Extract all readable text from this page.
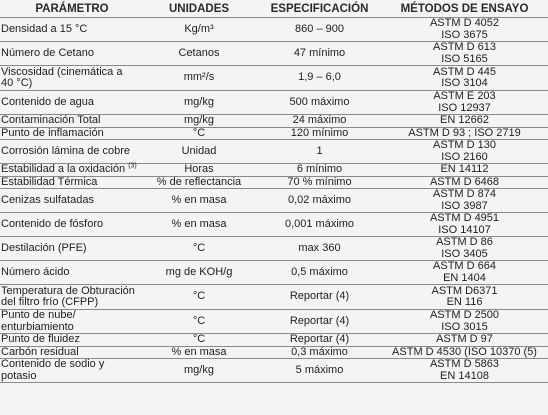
PARÁMETRO	UNIDADES	ESPECIFICACIÓN	MÉTODOS DE ENSAYO

Densidad a 15 °C	Kg/m³	860 – 900	ASTM D 4052
ISO 3675

Número de Cetano	Cetanos	47 mínimo	ASTM D 613
ISO 5165

Viscosidad (cinemática a
40 °C)	mm²/s	1,9 – 6,0	ASTM D 445
ISO 3104

Contenido de agua	mg/kg	500 máximo	ASTM E 203
ISO 12937

Contaminación Total	mg/kg	24 máximo	EN 12662

Punto de inflamación	°C	120 mínimo	ASTM D 93 ; ISO 2719

Corrosión lámina de cobre	Unidad	1	ASTM D 130
ISO 2160

Estabilidad a la oxidación $^{(3)}$	Horas	6 mínimo	EN 14112

Estabilidad Térmica	% de reflectancia	70 % mínimo	ASTM D 6468

Cenizas sulfatadas	% en masa	0,02 máximo	ASTM D 874
ISO 3987

Contenido de fósforo	% en masa	0,001 máximo	ASTM D 4951
ISO 14107

Destilación (PFE)	°C	max 360	ASTM D 86
ISO 3405

Número ácido	mg de KOH/g	0,5 máximo	ASTM D 664
EN 1404

Temperatura de Obturación
del filtro frío (CFPP)	°C	Reportar (4)	ASTM D6371
EN 116

Punto de nube/
enturbiamiento	°C	Reportar (4)	ASTM D 2500
ISO 3015

Punto de fluidez	°C	Reportar (4)	ASTM D 97

Carbón residual	% en masa	0,3 máximo	ASTM D 4530 (ISO 10370 (5)

Contenido de sodio y
potasio	mg/kg	5 máximo	ASTM D 5863
EN 14108
